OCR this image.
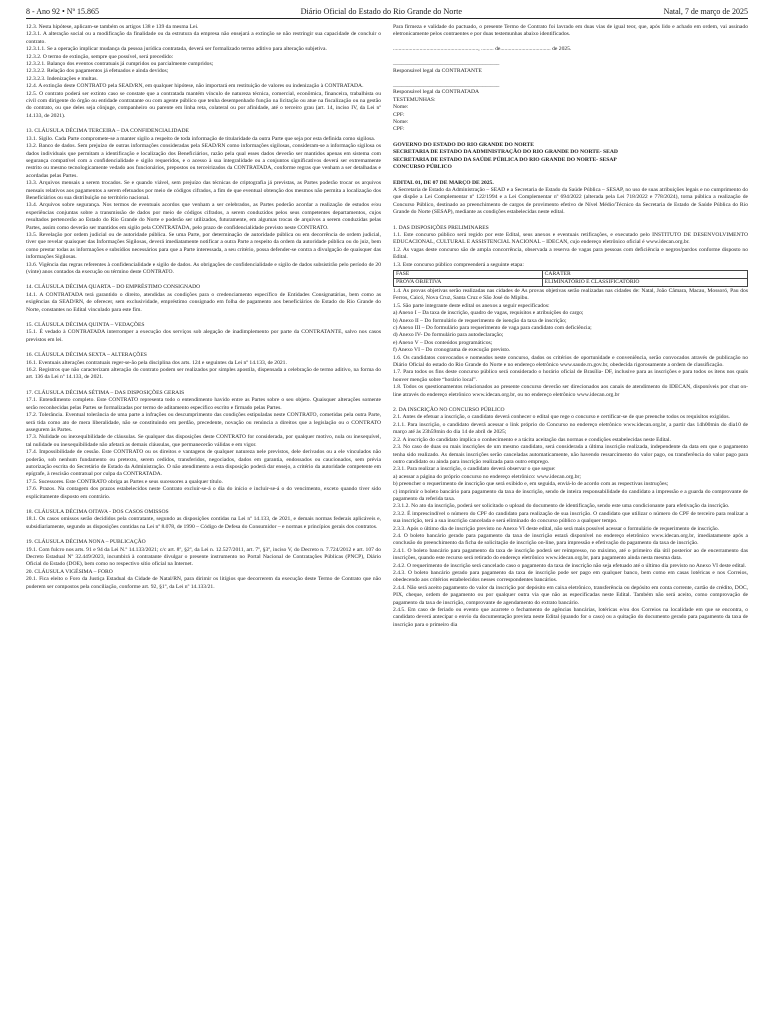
8 - Ano 92 • Nº 15.865	Diário Oficial do Estado do Rio Grande do Norte	Natal, 7 de março de 2025

12.3. Nesta hipótese, aplicam-se também os artigos 138 e 139 da mesma Lei.

12.3.1. A alteração social ou a modificação da finalidade ou da estrutura da empresa não ensejará a extinção se não restringir sua capacidade de concluir o contrato.

12.3.1.1. Se a operação implicar mudança da pessoa jurídica contratada, deverá ser formalizado termo aditivo para alteração subjetiva.

12.3.2. O termo de extinção, sempre que possível, será precedido:

12.3.2.1. Balanço dos eventos contratuais já cumpridos ou parcialmente cumpridos;

12.3.2.2. Relação dos pagamentos já efetuados e ainda devidos;

12.3.2.3. Indenizações e multas.

12.4. A extinção deste CONTRATO pela SEAD/RN, em qualquer hipótese, não importará em restituição de valores ou indenização à CONTRATADA.

12.5. O contrato poderá ser extinto caso se constate que a contratada mantém vínculo de natureza técnica, comercial, econômica, financeira, trabalhista ou civil com dirigente do órgão ou entidade contratante ou com agente público que tenha desempenhado função na licitação ou atue na fiscalização ou na gestão do contrato, ou que deles seja cônjuge, companheiro ou parente em linha reta, colateral ou por afinidade, até o terceiro grau (art. 14, inciso IV, da Lei nº 14.133, de 2021).

13. CLÁUSULA DÉCIMA TERCEIRA – DA CONFIDENCIALIDADE

13.1. Sigilo. Cada Parte compromete-se a manter sigilo a respeito de toda informação de titularidade da outra Parte que seja por esta definida como sigilosa.

13.2. Banco de dados. Sem prejuízo de outras informações consideradas pela SEAD/RN como informações sigilosas, consideram-se a informação sigilosa os dados individuais que permitam a identificação e localização dos Beneficiários, razão pela qual esses dados deverão ser mantidos apenas em sistema com segurança compatível com a confidencialidade e sigilo requeridos, e o acesso à sua integralidade ou a conjuntos significativos deverá ser extremamente restrito ou mesmo tecnologicamente vedado aos funcionários, prepostos ou terceirizados da CONTRATADA, conforme regras que venham a ser detalhadas e acordadas pelas Partes.

13.3. Arquivos mensais a serem trocados. Se e quando viável, sem prejuízo das técnicas de criptografia já previstas, as Partes poderão trocar os arquivos mensais relativos aos pagamentos a serem efetuados por meio de códigos cifrados, a fim de que eventual obtenção dos mesmos não permita a localização dos Beneficiários ou sua distribuição no território nacional.

13.4. Arquivos sobre segurança. Nos termos de eventuais acordos que venham a ser celebrados, as Partes poderão acordar a realização de estudos e/ou experiências conjuntas sobre a transmissão de dados por meio de códigos cifrados, a serem conduzidos pelos seus competentes departamentos, cujos resultados pertencerão ao Estado do Rio Grande do Norte e poderão ser utilizados, futuramente, em algumas trocas de arquivos a serem conduzidas pelas Partes, assim como deverão ser mantidos em sigilo pela CONTRATADA, pelo prazo de confidencialidade previsto neste CONTRATO.

13.5. Revelação por ordem judicial ou de autoridade pública. Se uma Parte, por determinação de autoridade pública ou em decorrência de ordem judicial, tiver que revelar quaisquer das Informações Sigilosas, deverá imediatamente notificar a outra Parte a respeito da ordem da autoridade pública ou do juiz, bem como prestar todas as informações e subsídios necessários para que a Parte interessada, a seu critério, possa defender-se contra a divulgação de quaisquer das informações Sigilosas.

13.6. Vigência das regras referentes à confidencialidade e sigilo de dados. As obrigações de confidencialidade e sigilo de dados subsistirão pelo período de 20 (vinte) anos contados da execução ou término deste CONTRATO.

14. CLÁUSULA DÉCIMA QUARTA – DO EMPRÉSTIMO CONSIGNADO

14.1. A CONTRATADA terá garantido o direito, atendidas as condições para o credenciamento específico de Entidades Consignatárias, bem como as exigências da SEAD/RN, de oferecer, sem exclusividade, empréstimo consignado em folha de pagamento aos beneficiários do Estado do Rio Grande do Norte, constantes no Edital vinculado para este fim.

15. CLÁUSULA DÉCIMA QUINTA – VEDAÇÕES

15.1. É vedado à CONTRATADA interromper a execução dos serviços sob alegação de inadimplemento por parte da CONTRATANTE, salvo nos casos previstos em lei.

16. CLÁUSULA DÉCIMA SEXTA – ALTERAÇÕES

16.1. Eventuais alterações contratuais reger-se-ão pela disciplina dos arts. 124 e seguintes da Lei nº 14.133, de 2021.

16.2. Registros que não caracterizam alteração do contrato podem ser realizados por simples apostila, dispensada a celebração de termo aditivo, na forma do art. 136 da Lei nº 14.133, de 2021.

17. CLÁUSULA DÉCIMA SÉTIMA – DAS DISPOSIÇÕES GERAIS

17.1. Entendimento completo. Este CONTRATO representa todo o entendimento havido entre as Partes sobre o seu objeto. Quaisquer alterações somente serão reconhecidas pelas Partes se formalizadas por termo de aditamento específico escrito e firmado pelas Partes.

17.2. Tolerância. Eventual tolerância de uma parte a infrações ou descumprimento das condições estipuladas neste CONTRATO, cometidas pela outra Parte, será tida como ato de mera liberalidade, não se constituindo em perdão, precedente, novação ou renúncia a direitos que a legislação ou o CONTRATO assegurem às Partes.

17.3. Nulidade ou inexequibilidade de cláusulas. Se qualquer das disposições deste CONTRATO for considerada, por qualquer motivo, nula ou inexequível, tal nulidade ou inexequibilidade não afetará as demais cláusulas, que permanecerão válidas e em vigor.

17.4. Impossibilidade de cessão. Este CONTRATO ou os direitos e vantagens de qualquer natureza nele previstos, dele derivados ou a ele vinculados não poderão, sob nenhum fundamento ou pretexto, serem cedidos, transferidos, negociados, dados em garantia, endossados ou caucionados, sem prévia autorização escrita do Secretário de Estado da Administração. O não atendimento a esta disposição poderá dar ensejo, a critério da autoridade competente em epígrafe, à rescisão contratual por culpa da CONTRATADA.

17.5. Sucessores. Este CONTRATO obriga as Partes e seus sucessores a qualquer título.

17.6. Prazos. Na contagem dos prazos estabelecidos neste Contrato excluir-se-á o dia do início e incluir-se-á o do vencimento, exceto quando tiver sido explicitamente disposto em contrário.

18. CLÁUSULA DÉCIMA OITAVA - DOS CASOS OMISSOS

18.1. Os casos omissos serão decididos pela contratante, segundo as disposições contidas na Lei nº 14.133, de 2021, e demais normas federais aplicáveis e, subsidiariamente, segundo as disposições contidas na Lei nº 8.078, de 1990 – Código de Defesa do Consumidor – e normas e princípios gerais dos contratos.

19. CLÁUSULA DÉCIMA NONA – PUBLICAÇÃO

19.1. Com fulcro nos arts. 91 e 94 da Lei N.º 14.133/2021; c/c art. 8º, §2º, da Lei n. 12.527/2011, art. 7º, §3º, inciso V, do Decreto n. 7.724/2012 e art. 107 do Decreto Estadual Nº 32.449/2023, incumbirá à contratante divulgar o presente instrumento no Portal Nacional de Contratações Públicas (PNCP), Diário Oficial do Estado (DOE), bem como no respectivo sítio oficial na Internet.

20. CLÁUSULA VIGÉSIMA – FORO

20.1. Fica eleito o Foro da Justiça Estadual da Cidade de Natal/RN, para dirimir os litígios que decorrerem da execução deste Termo de Contrato que não puderem ser compostos pela conciliação, conforme art. 92, §1º, da Lei nº 14.133/21.

Para firmeza e validade do pactuado, o presente Termo de Contrato foi lavrado em duas vias de igual teor, que, após lido e achado em ordem, vai assinado eletronicamente pelos contraentes e por duas testemunhas abaixo identificados.

............................................................., ......... de.................................... de 2025.

______________________________________

Responsável legal da CONTRATANTE

______________________________________

Responsável legal da CONTRATADA

TESTEMUNHAS:

Nome:

CPF:

Nome:

CPF:

GOVERNO DO ESTADO DO RIO GRANDE DO NORTE

SECRETARIA DE ESTADO DA ADMINISTRAÇÃO DO RIO GRANDE DO NORTE- SEAD

SECRETARIA DE ESTADO DA SAÚDE PÚBLICA DO RIO GRANDE DO NORTE- SESAP

CONCURSO PÚBLICO

EDITAL 01, DE 07 DE MARÇO DE 2025.

A Secretaria de Estado da Administração – SEAD e a Secretaria de Estado da Saúde Pública – SESAP, no uso de suas atribuições legais e no cumprimento do que dispõe a Lei Complementar nº 122/1994 e a Lei Complementar nº 694/2022 (alterada pela Lei 718/2022 e 778/2024), torna pública a realização de Concurso Público, destinado ao preenchimento de cargos de provimento efetivo de Nível Médio/Técnico da Secretaria de Estado de Saúde Pública do Rio Grande do Norte (SESAP), mediante as condições estabelecidas neste edital.

1. DAS DISPOSIÇÕES PRELIMINARES

1.1. Este concurso público será regido por este Edital, seus anexos e eventuais retificações, e executado pelo INSTITUTO DE DESENVOLVIMENTO EDUCACIONAL, CULTURAL E ASSISTENCIAL NACIONAL – IDECAN, cujo endereço eletrônico oficial é www.idecan.org.br.

1.2. As vagas deste concurso são de ampla concorrência, observada a reserva de vagas para pessoas com deficiência e negros/pardos conforme disposto no Edital.

1.3. Este concurso público compreenderá a seguinte etapa:

FASE	CARÁTER
PROVA OBJETIVA	ELIMINATÓRIO E CLASSIFICATÓRIO

1.4. As provas objetivas serão realizadas nas cidades de As provas objetivas serão realizadas nas cidades de: Natal, João Câmara, Macau, Mossoró, Pau dos Ferros, Caicó, Nova Cruz, Santa Cruz e São José do Mipibu.

1.5. São parte integrante deste edital os anexos a seguir especificados:

a) Anexo I – Da taxa de inscrição, quadro de vagas, requisitos e atribuições do cargo;

b) Anexo II – Do formulário de requerimento de isenção da taxa de inscrição;

c) Anexo III – Do formulário para requerimento de vaga para candidato com deficiência;

d) Anexo IV- Do formulário para autodeclaração;

e) Anexo V – Dos conteúdos programáticos;

f) Anexo VI – Do cronograma de execução previsto.

1.6. Os candidatos convocados e nomeados neste concurso, dados os critérios de oportunidade e conveniência, serão convocados através de publicação no Diário Oficial do estado do Rio Grande do Norte e no endereço eletrônico www.saude.rn.gov.br, obedecida rigorosamente a ordem de classificação.

1.7. Para todos os fins deste concurso público será considerado o horário oficial de Brasília- DF, inclusive para as inscrições e para todos os itens nos quais houver menção sobre “horário local”.

1.8. Todos os questionamentos relacionados ao presente concurso deverão ser direcionados aos canais de atendimento do IDECAN, disponíveis por chat on-line através do endereço eletrônico www.idecan.org.br, ou no endereço eletrônico www.idecan.org.br

2. DA INSCRIÇÃO NO CONCURSO PÚBLICO

2.1. Antes de efetuar a inscrição, o candidato deverá conhecer o edital que rege o concurso e certificar-se de que preenche todos os requisitos exigidos.

2.1.1. Para inscrição, o candidato deverá acessar o link próprio do Concurso no endereço eletrônico www.idecan.org.br, a partir das 14h00min do dia10 de março até às 23h59min do dia 14 de abril de 2025;

2.2. A inscrição do candidato implica o conhecimento e a tácita aceitação das normas e condições estabelecidas neste Edital.

2.3. No caso de duas ou mais inscrições de um mesmo candidato, será considerada a última inscrição realizada, independente da data em que o pagamento tenha sido realizado. As demais inscrições serão canceladas automaticamente, não havendo ressarcimento do valor pago, ou transferência do valor pago para outro candidato ou ainda para inscrição realizada para outro emprego.

2.3.1. Para realizar a inscrição, o candidato deverá observar o que segue:

a) acessar a página do próprio concurso no endereço eletrônico: www.idecan.org.br;

b) preencher o requerimento de inscrição que será exibido e, em seguida, enviá-lo de acordo com as respectivas instruções;

c) imprimir o boleto bancário para pagamento da taxa de inscrição, sendo de inteira responsabilidade do candidato a impressão e a guarda do comprovante de pagamento da referida taxa.

2.3.1.2. No ato da inscrição, poderá ser solicitado o upload do documento de identificação, sendo este uma condicionante para efetivação da inscrição.

2.3.2. É imprescindível o número do CPF do candidato para realização de sua inscrição. O candidato que utilizar o número do CPF de terceiro para realizar a sua inscrição, terá a sua inscrição cancelada e será eliminado do concurso público a qualquer tempo.

2.3.3. Após o último dia de inscrição previsto no Anexo VI deste edital, não será mais possível acessar o formulário de requerimento de inscrição.

2.4. O boleto bancário gerado para pagamento da taxa de inscrição estará disponível no endereço eletrônico www.idecan.org.br, imediatamente após a conclusão do preenchimento da ficha de solicitação de inscrição on-line, para impressão e efetivação do pagamento da taxa de inscrição.

2.4.1. O boleto bancário para pagamento da taxa de inscrição poderá ser reimpresso, no máximo, até o primeiro dia útil posterior ao de encerramento das inscrições, quando este recurso será retirado do endereço eletrônico www.idecan.org.br, para pagamento ainda nesta mesma data.

2.4.2. O requerimento de inscrição será cancelado caso o pagamento da taxa de inscrição não seja efetuado até o último dia previsto no Anexo VI deste edital.

2.4.3. O boleto bancário gerado para pagamento da taxa de inscrição pode ser pago em qualquer banco, bem como em casas lotéricas e nos Correios, obedecendo aos critérios estabelecidos nesses correspondentes bancários.

2.4.4. Não será aceito pagamento do valor da inscrição por depósito em caixa eletrônico, transferência ou depósito em conta corrente, cartão de crédito, DOC, PIX, cheque, ordem de pagamento ou por qualquer outra via que não as especificadas neste Edital. Também não será aceito, como comprovação de pagamento da taxa de inscrição, comprovante de agendamento do extrato bancário.

2.4.5. Em caso de feriado ou evento que acarrete o fechamento de agências bancárias, lotéricas e/ou dos Correios na localidade em que se encontra, o candidato deverá antecipar o envio da documentação prevista neste Edital (quando for o caso) ou a quitação do documento gerado para pagamento da taxa de inscrição para o primeiro dia
